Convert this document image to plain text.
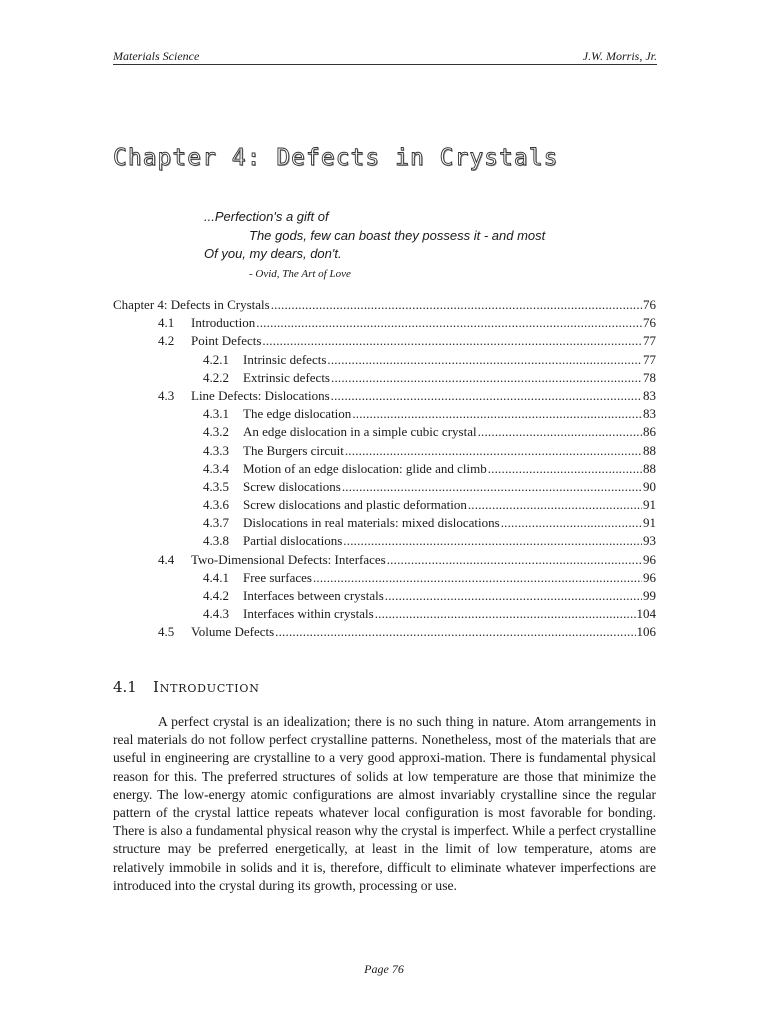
Materials Science	J.W. Morris, Jr.
Chapter 4: Defects in Crystals
...Perfection's a gift of
The gods, few can boast they possess it - and most
Of you, my dears, don't.
- Ovid, The Art of Love
Chapter 4: Defects in Crystals .....	76
4.1	Introduction .....	76
4.2	Point Defects .....	77
4.2.1	Intrinsic defects .....	77
4.2.2	Extrinsic defects .....	78
4.3	Line Defects: Dislocations .....	83
4.3.1	The edge dislocation .....	83
4.3.2	An edge dislocation in a simple cubic crystal .....	86
4.3.3	The Burgers circuit .....	88
4.3.4	Motion of an edge dislocation: glide and climb .....	88
4.3.5	Screw dislocations .....	90
4.3.6	Screw dislocations and plastic deformation .....	91
4.3.7	Dislocations in real materials: mixed dislocations .....	91
4.3.8	Partial dislocations .....	93
4.4	Two-Dimensional Defects: Interfaces .....	96
4.4.1	Free surfaces .....	96
4.4.2	Interfaces between crystals .....	99
4.4.3	Interfaces within crystals .....	104
4.5	Volume Defects .....	106
4.1 Introduction

A perfect crystal is an idealization; there is no such thing in nature. Atom arrangements in real materials do not follow perfect crystalline patterns. Nonetheless, most of the materials that are useful in engineering are crystalline to a very good approxi-mation. There is fundamental physical reason for this. The preferred structures of solids at low temperature are those that minimize the energy. The low-energy atomic configurations are almost invariably crystalline since the regular pattern of the crystal lattice repeats whatever local configuration is most favorable for bonding. There is also a fundamental physical reason why the crystal is imperfect. While a perfect crystalline structure may be preferred energetically, at least in the limit of low temperature, atoms are relatively immobile in solids and it is, therefore, difficult to eliminate whatever imperfections are introduced into the crystal during its growth, processing or use.

Page 76
